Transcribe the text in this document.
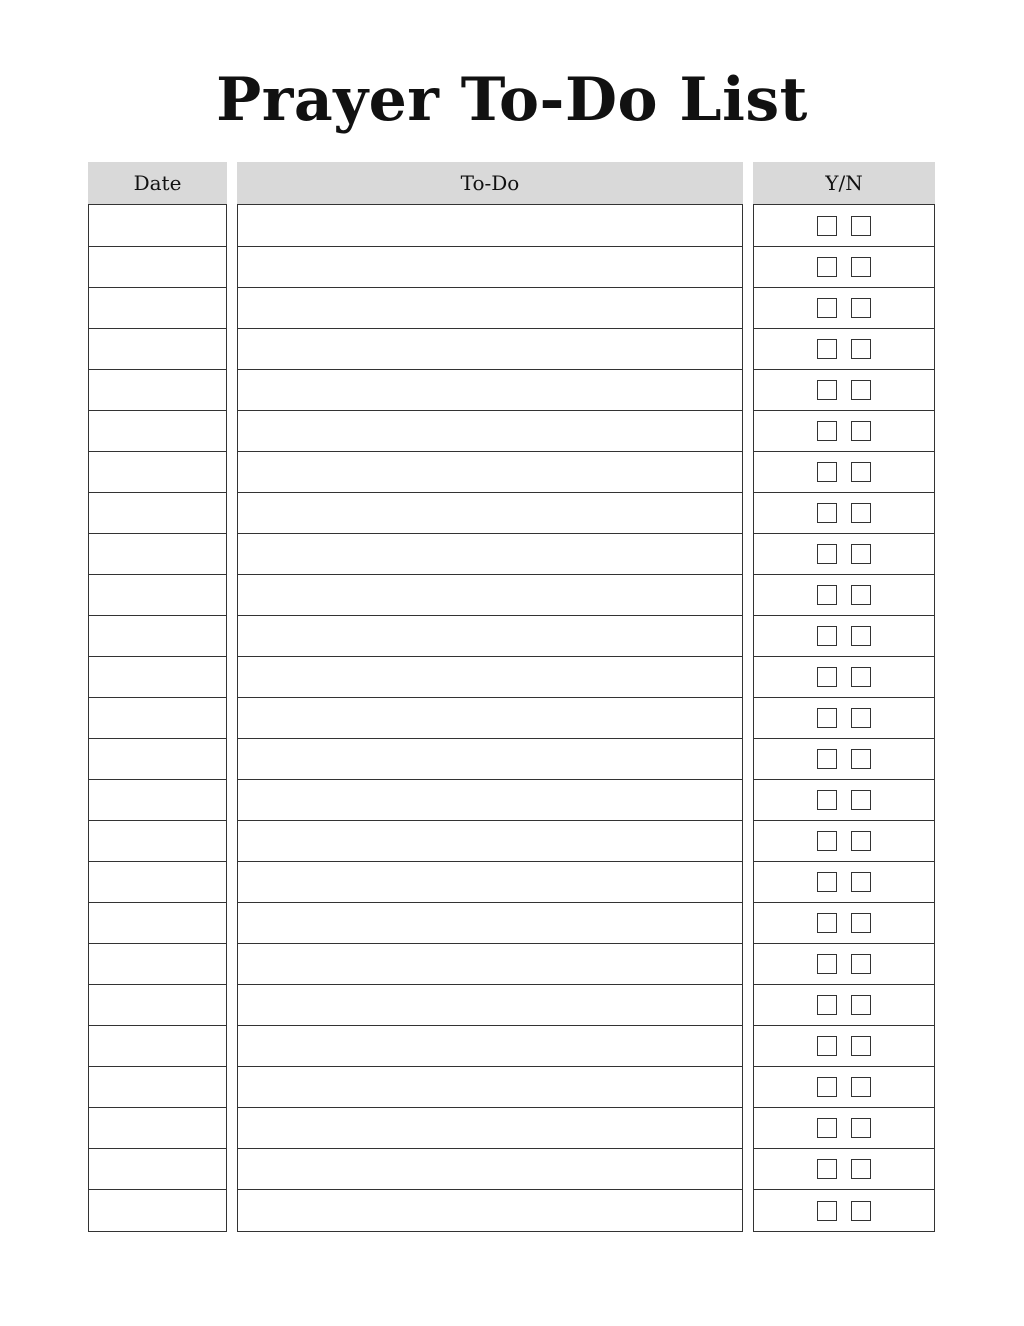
Prayer To-Do List
Date	To-Do	Y/N
